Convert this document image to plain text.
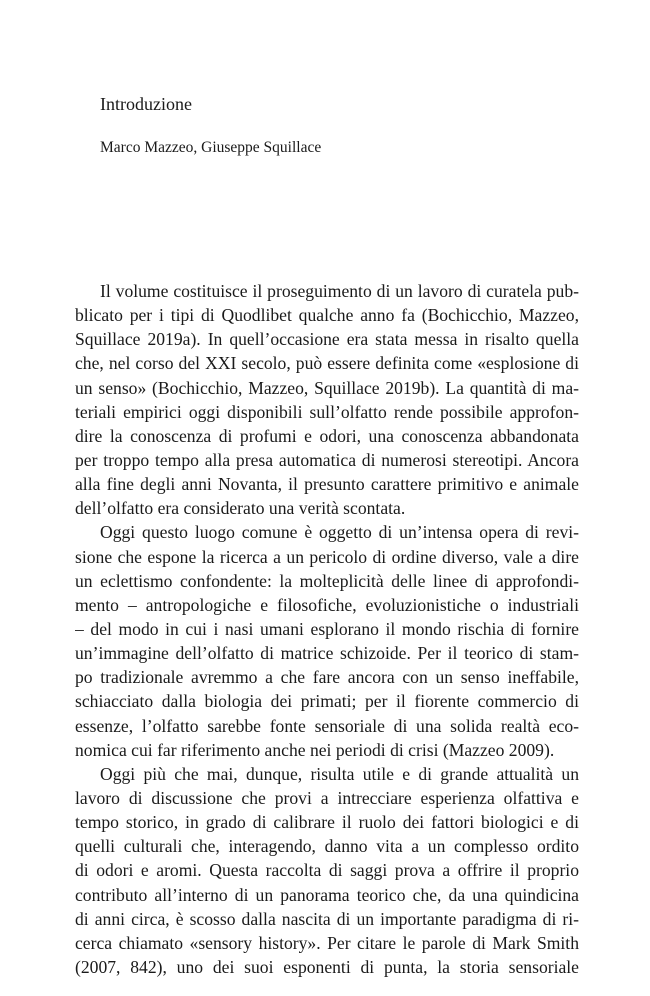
Introduzione
Marco Mazzeo, Giuseppe Squillace
Il volume costituisce il proseguimento di un lavoro di curatela pub-
blicato per i tipi di Quodlibet qualche anno fa (Bochicchio, Mazzeo,
Squillace 2019a). In quell’occasione era stata messa in risalto quella
che, nel corso del XXI secolo, può essere definita come «esplosione di
un senso» (Bochicchio, Mazzeo, Squillace 2019b). La quantità di ma-
teriali empirici oggi disponibili sull’olfatto rende possibile approfon-
dire la conoscenza di profumi e odori, una conoscenza abbandonata
per troppo tempo alla presa automatica di numerosi stereotipi. Ancora
alla fine degli anni Novanta, il presunto carattere primitivo e animale
dell’olfatto era considerato una verità scontata.
Oggi questo luogo comune è oggetto di un’intensa opera di revi-
sione che espone la ricerca a un pericolo di ordine diverso, vale a dire
un eclettismo confondente: la molteplicità delle linee di approfondi-
mento – antropologiche e filosofiche, evoluzionistiche o industriali
– del modo in cui i nasi umani esplorano il mondo rischia di fornire
un’immagine dell’olfatto di matrice schizoide. Per il teorico di stam-
po tradizionale avremmo a che fare ancora con un senso ineffabile,
schiacciato dalla biologia dei primati; per il fiorente commercio di
essenze, l’olfatto sarebbe fonte sensoriale di una solida realtà eco-
nomica cui far riferimento anche nei periodi di crisi (Mazzeo 2009).
Oggi più che mai, dunque, risulta utile e di grande attualità un
lavoro di discussione che provi a intrecciare esperienza olfattiva e
tempo storico, in grado di calibrare il ruolo dei fattori biologici e di
quelli culturali che, interagendo, danno vita a un complesso ordito
di odori e aromi. Questa raccolta di saggi prova a offrire il proprio
contributo all’interno di un panorama teorico che, da una quindicina
di anni circa, è scosso dalla nascita di un importante paradigma di ri-
cerca chiamato «sensory history». Per citare le parole di Mark Smith
(2007, 842), uno dei suoi esponenti di punta, la storia sensoriale
